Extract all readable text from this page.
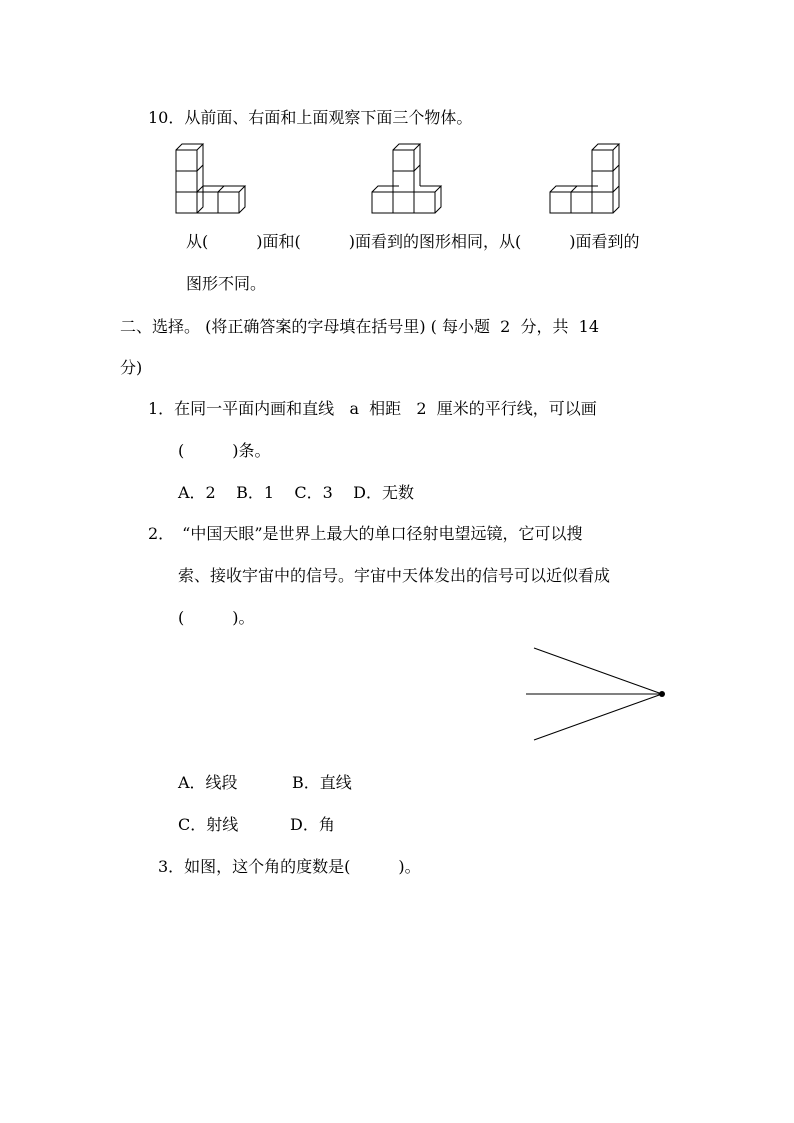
10．从前面、右面和上面观察下面三个物体。
从(　　　)面和(　　　)面看到的图形相同，从(　　　)面看到的
图形不同。
二、选择。 (将正确答案的字母填在括号里) ( 每小题  2  分，共  14
分)
1．在同一平面内画和直线   a  相距   2  厘米的平行线，可以画
(　　　)条。
A．2    B．1    C．3    D．无数
2．　“中国天眼”是世界上最大的单口径射电望远镜，它可以搜
索、接收宇宙中的信号。宇宙中天体发出的信号可以近似看成
(　　　)。
A．线段	B．直线
C．射线	D．角
3．如图，这个角的度数是(　　　)。
